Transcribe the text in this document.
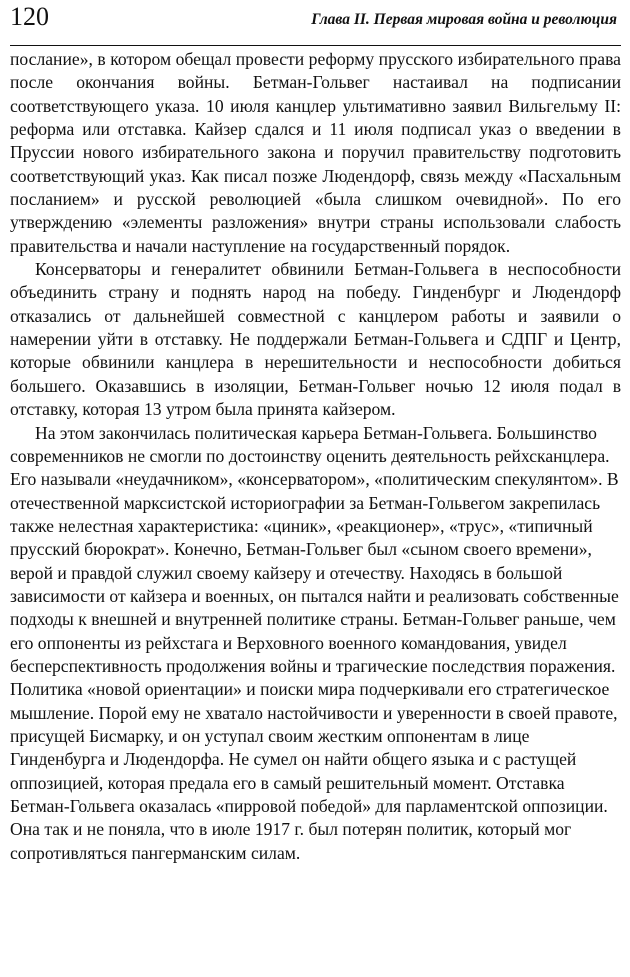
120	Глава II. Первая мировая война и революция

послание», в котором обещал провести реформу прусского избирательного права после окончания войны. Бетман-Гольвег настаивал на подписании соответствующего указа. 10 июля канцлер ультимативно заявил Вильгельму II: реформа или отставка. Кайзер сдался и 11 июля подписал указ о введении в Пруссии нового избирательного закона и поручил правительству подготовить соответствующий указ. Как писал позже Людендорф, связь между «Пасхальным посланием» и русской революцией «была слишком очевидной». По его утверждению «элементы разложения» внутри страны использовали слабость правительства и начали наступление на государственный порядок.

Консерваторы и генералитет обвинили Бетман-Гольвега в неспособности объединить страну и поднять народ на победу. Гинденбург и Людендорф отказались от дальнейшей совместной с канцлером работы и заявили о намерении уйти в отставку. Не поддержали Бетман-Гольвега и СДПГ и Центр, которые обвинили канцлера в нерешительности и неспособности добиться большего. Оказавшись в изоляции, Бетман-Гольвег ночью 12 июля подал в отставку, которая 13 утром была принята кайзером.

На этом закончилась политическая карьера Бетман-Гольвега. Большинство современников не смогли по достоинству оценить деятельность рейхсканцлера. Его называли «неудачником», «консерватором», «политическим спекулянтом». В отечественной марксистской историографии за Бетман-Гольвегом закрепилась также нелестная характеристика: «циник», «реакционер», «трус», «типичный прусский бюрократ». Конечно, Бетман-Гольвег был «сыном своего времени», верой и правдой служил своему кайзеру и отечеству. Находясь в большой зависимости от кайзера и военных, он пытался найти и реализовать собственные подходы к внешней и внутренней политике страны. Бетман-Гольвег раньше, чем его оппоненты из рейхстага и Верховного военного командования, увидел бесперспективность продолжения войны и трагические последствия поражения. Политика «новой ориентации» и поиски мира подчеркивали его стратегическое мышление. Порой ему не хватало настойчивости и уверенности в своей правоте, присущей Бисмарку, и он уступал своим жестким оппонентам в лице Гинденбурга и Людендорфа. Не сумел он найти общего языка и с растущей оппозицией, которая предала его в самый решительный момент. Отставка Бетман-Гольвега оказалась «пирровой победой» для парламентской оппозиции. Она так и не поняла, что в июле 1917 г. был потерян политик, который мог сопротивляться пангерманским силам.
